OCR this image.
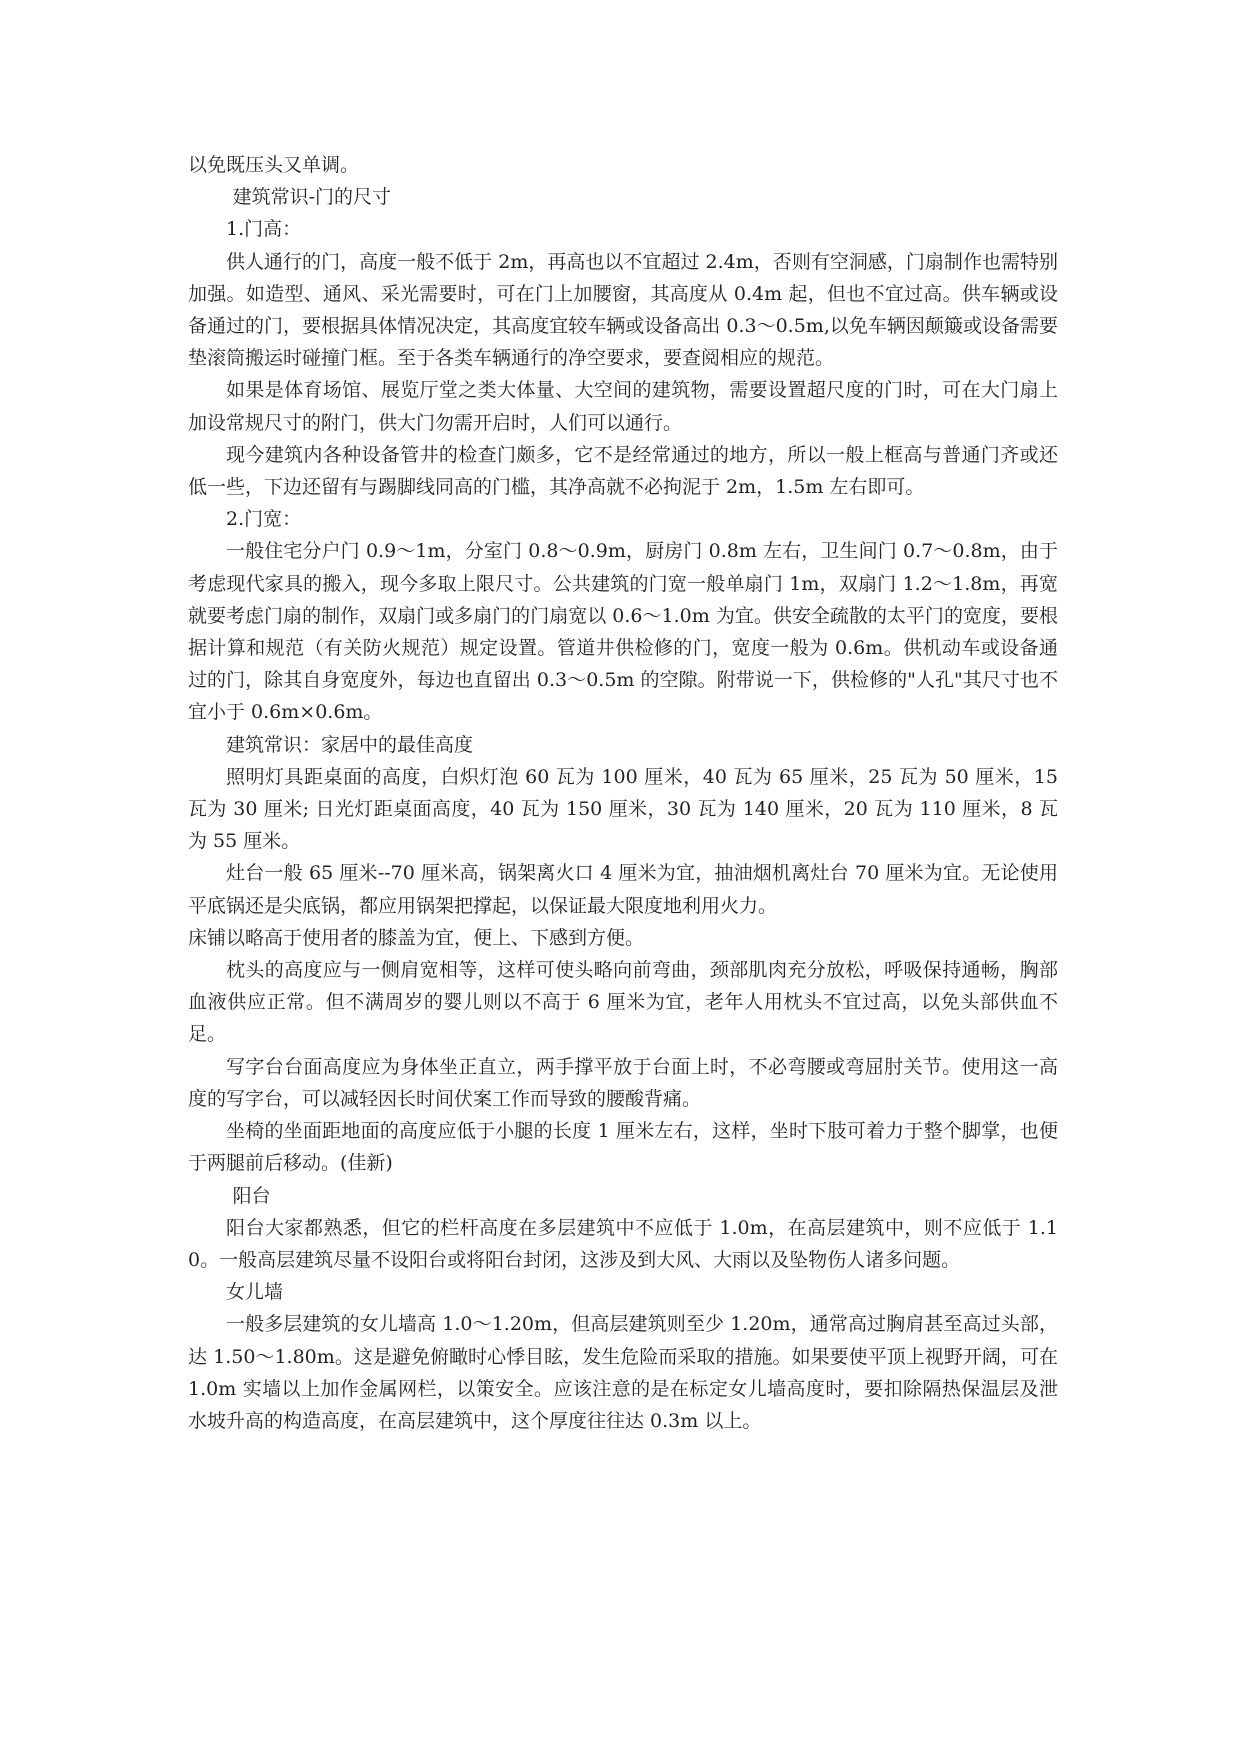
以免既压头又单调。

建筑常识-门的尺寸

1.门高：

供人通行的门，高度一般不低于 2m，再高也以不宜超过 2.4m，否则有空洞感，门扇制作也需特别加强。如造型、通风、采光需要时，可在门上加腰窗，其高度从 0.4m 起，但也不宜过高。供车辆或设备通过的门，要根据具体情况决定，其高度宜较车辆或设备高出 0.3～0.5m,以免车辆因颠簸或设备需要垫滚筒搬运时碰撞门框。至于各类车辆通行的净空要求，要查阅相应的规范。

如果是体育场馆、展览厅堂之类大体量、大空间的建筑物，需要设置超尺度的门时，可在大门扇上加设常规尺寸的附门，供大门勿需开启时，人们可以通行。

现今建筑内各种设备管井的检查门颇多，它不是经常通过的地方，所以一般上框高与普通门齐或还低一些，下边还留有与踢脚线同高的门槛，其净高就不必拘泥于 2m，1.5m 左右即可。

2.门宽：

一般住宅分户门 0.9～1m，分室门 0.8～0.9m，厨房门 0.8m 左右，卫生间门 0.7～0.8m，由于考虑现代家具的搬入，现今多取上限尺寸。公共建筑的门宽一般单扇门 1m，双扇门 1.2～1.8m，再宽就要考虑门扇的制作，双扇门或多扇门的门扇宽以 0.6～1.0m 为宜。供安全疏散的太平门的宽度，要根据计算和规范（有关防火规范）规定设置。管道井供检修的门，宽度一般为 0.6m。供机动车或设备通过的门，除其自身宽度外，每边也直留出 0.3～0.5m 的空隙。附带说一下，供检修的"人孔"其尺寸也不宜小于 0.6m×0.6m。

建筑常识：家居中的最佳高度

照明灯具距桌面的高度，白炽灯泡 60 瓦为 100 厘米，40 瓦为 65 厘米，25 瓦为 50 厘米，15 瓦为 30 厘米; 日光灯距桌面高度，40 瓦为 150 厘米，30 瓦为 140 厘米，20 瓦为 110 厘米，8 瓦为 55 厘米。

灶台一般 65 厘米--70 厘米高，锅架离火口 4 厘米为宜，抽油烟机离灶台 70 厘米为宜。无论使用平底锅还是尖底锅，都应用锅架把撑起，以保证最大限度地利用火力。

床铺以略高于使用者的膝盖为宜，便上、下感到方便。

枕头的高度应与一侧肩宽相等，这样可使头略向前弯曲，颈部肌肉充分放松，呼吸保持通畅，胸部血液供应正常。但不满周岁的婴儿则以不高于 6 厘米为宜，老年人用枕头不宜过高，以免头部供血不足。

写字台台面高度应为身体坐正直立，两手撑平放于台面上时，不必弯腰或弯屈肘关节。使用这一高度的写字台，可以减轻因长时间伏案工作而导致的腰酸背痛。

坐椅的坐面距地面的高度应低于小腿的长度 1 厘米左右，这样，坐时下肢可着力于整个脚掌，也便于两腿前后移动。(佳新)

阳台

阳台大家都熟悉，但它的栏杆高度在多层建筑中不应低于 1.0m，在高层建筑中，则不应低于 1.10。一般高层建筑尽量不设阳台或将阳台封闭，这涉及到大风、大雨以及坠物伤人诸多问题。

女儿墙

一般多层建筑的女儿墙高 1.0～1.20m，但高层建筑则至少 1.20m，通常高过胸肩甚至高过头部，达 1.50～1.80m。这是避免俯瞰时心悸目眩，发生危险而采取的措施。如果要使平顶上视野开阔，可在 1.0m 实墙以上加作金属网栏，以策安全。应该注意的是在标定女儿墙高度时，要扣除隔热保温层及泄水坡升高的构造高度，在高层建筑中，这个厚度往往达 0.3m 以上。
